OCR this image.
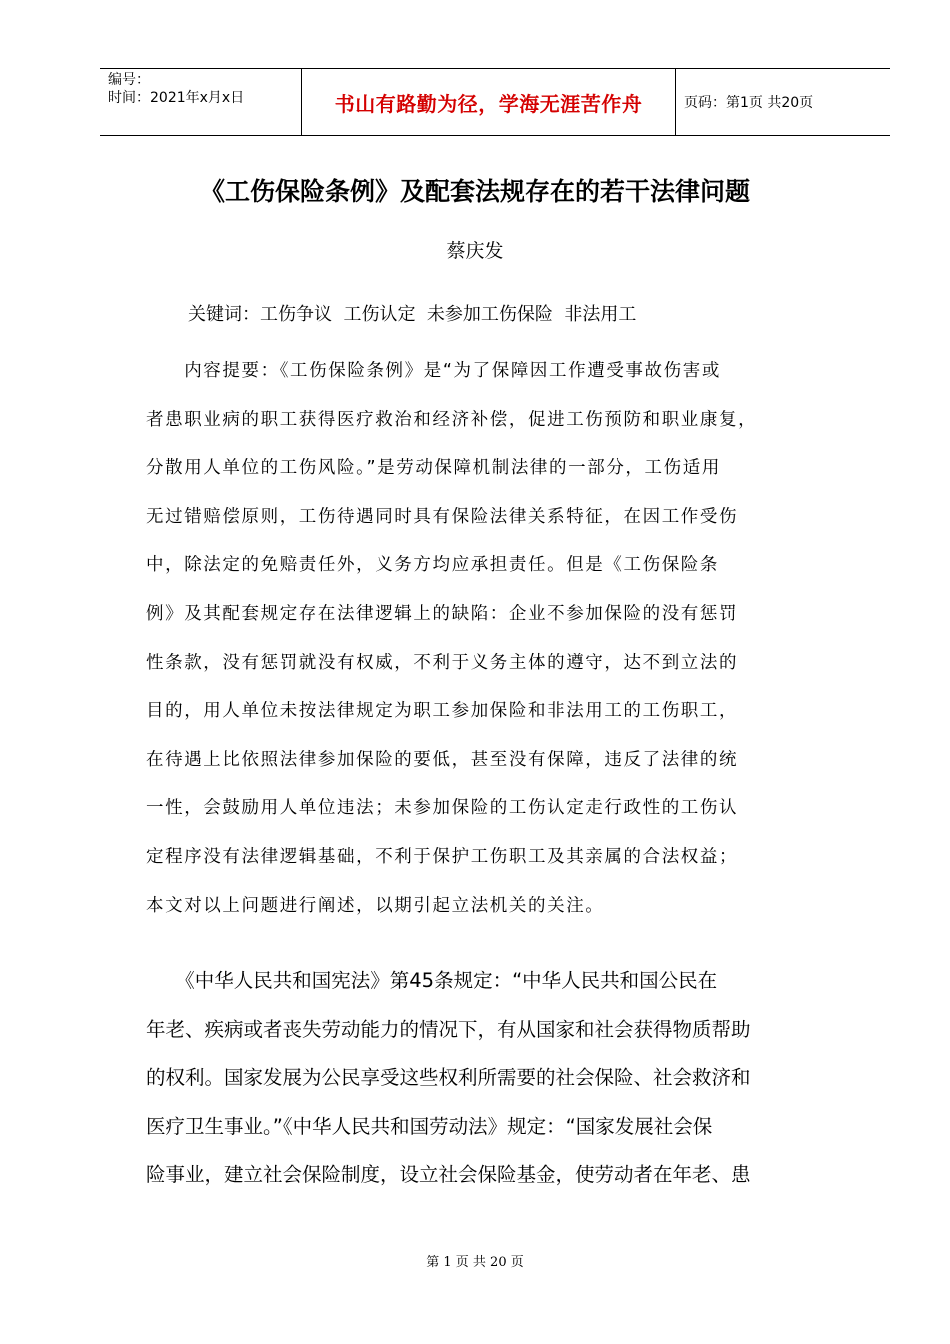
编号：
时间：2021年x月x日	书山有路勤为径，学海无涯苦作舟	页码：第1页 共20页
《工伤保险条例》及配套法规存在的若干法律问题
蔡庆发
关键词：工伤争议  工伤认定  未参加工伤保险  非法用工
　　内容提要：《工伤保险条例》是“为了保障因工作遭受事故伤害或
者患职业病的职工获得医疗救治和经济补偿，促进工伤预防和职业康复，
分散用人单位的工伤风险。”是劳动保障机制法律的一部分，工伤适用
无过错赔偿原则，工伤待遇同时具有保险法律关系特征，在因工作受伤
中，除法定的免赔责任外，义务方均应承担责任。但是《工伤保险条
例》及其配套规定存在法律逻辑上的缺陷：企业不参加保险的没有惩罚
性条款，没有惩罚就没有权威，不利于义务主体的遵守，达不到立法的
目的，用人单位未按法律规定为职工参加保险和非法用工的工伤职工，
在待遇上比依照法律参加保险的要低，甚至没有保障，违反了法律的统
一性，会鼓励用人单位违法；未参加保险的工伤认定走行政性的工伤认
定程序没有法律逻辑基础，不利于保护工伤职工及其亲属的合法权益；
本文对以上问题进行阐述，以期引起立法机关的关注。
　　《中华人民共和国宪法》第45条规定：“中华人民共和国公民在
年老、疾病或者丧失劳动能力的情况下，有从国家和社会获得物质帮助
的权利。国家发展为公民享受这些权利所需要的社会保险、社会救济和
医疗卫生事业。”《中华人民共和国劳动法》规定：“国家发展社会保
险事业，建立社会保险制度，设立社会保险基金，使劳动者在年老、患
第 1 页 共 20 页
